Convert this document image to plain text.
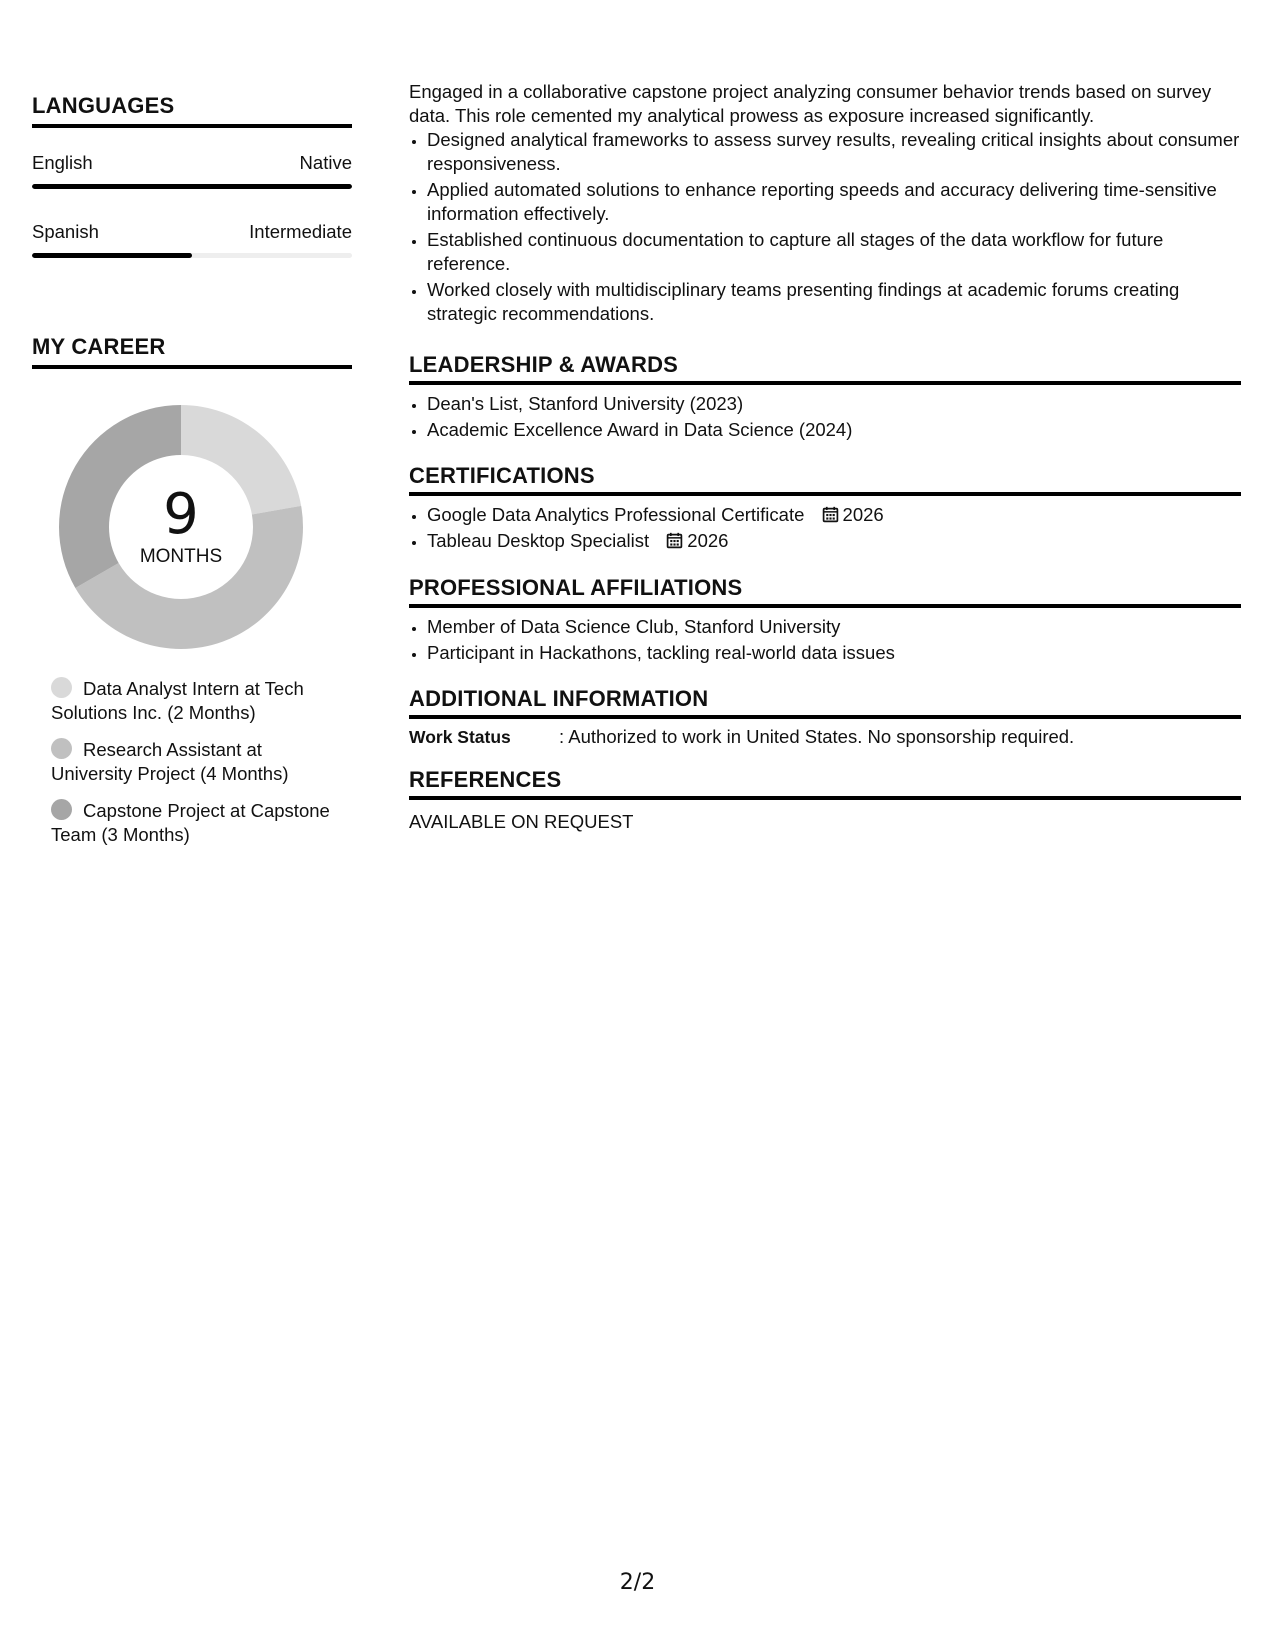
LANGUAGES
English	Native
Spanish	Intermediate
MY CAREER
9
MONTHS
Data Analyst Intern at Tech Solutions Inc. (2 Months)
Research Assistant at University Project (4 Months)
Capstone Project at Capstone Team (3 Months)

Engaged in a collaborative capstone project analyzing consumer behavior trends based on survey data. This role cemented my analytical prowess as exposure increased significantly.

• Designed analytical frameworks to assess survey results, revealing critical insights about consumer responsiveness.
• Applied automated solutions to enhance reporting speeds and accuracy delivering time-sensitive information effectively.
• Established continuous documentation to capture all stages of the data workflow for future reference.
• Worked closely with multidisciplinary teams presenting findings at academic forums creating strategic recommendations.
LEADERSHIP & AWARDS
• Dean's List, Stanford University (2023)
• Academic Excellence Award in Data Science (2024)
CERTIFICATIONS
• Google Data Analytics Professional Certificate 2026
• Tableau Desktop Specialist 2026
PROFESSIONAL AFFILIATIONS
• Member of Data Science Club, Stanford University
• Participant in Hackathons, tackling real-world data issues
ADDITIONAL INFORMATION
Work Status	: Authorized to work in United States. No sponsorship required.
REFERENCES
AVAILABLE ON REQUEST
2/2
